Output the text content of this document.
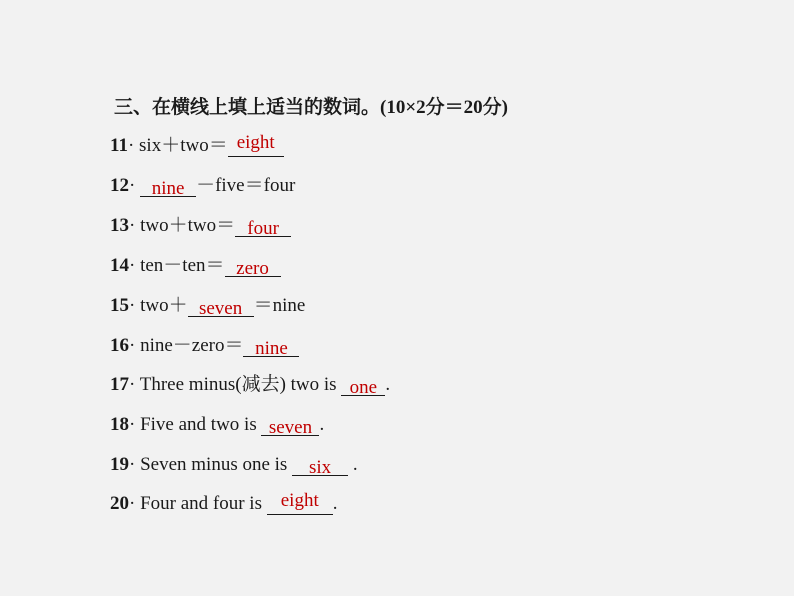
三、在横线上填上适当的数词。(10×2分＝20分)
11· six＋two＝ eight
12· nine －five＝four
13· two＋two＝ four
14· ten－ten＝ zero
15· two＋ seven ＝nine
16· nine－zero＝ nine
17· Three minus(减去) two is one .
18· Five and two is seven .
19· Seven minus one is six .
20· Four and four is eight .
